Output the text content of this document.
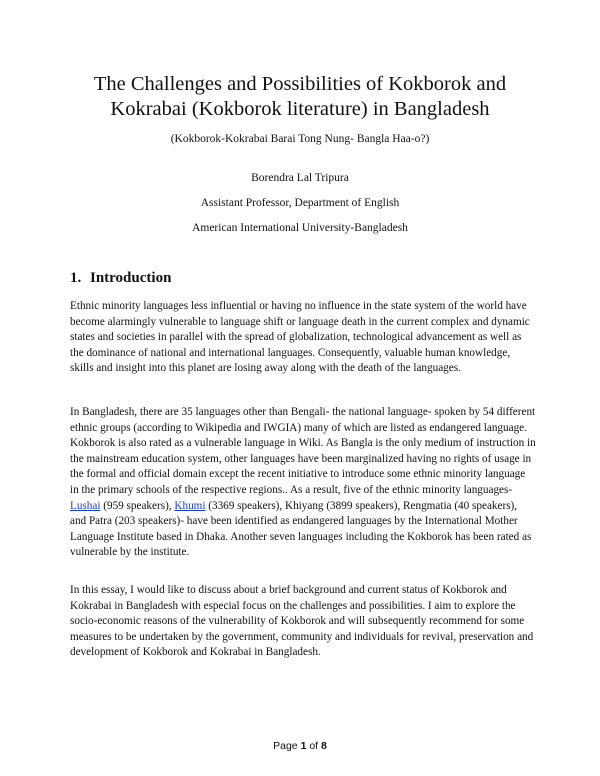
The Challenges and Possibilities of Kokborok and
Kokrabai (Kokborok literature) in Bangladesh
(Kokborok-Kokrabai Barai Tong Nung- Bangla Haa-o?)
Borendra Lal Tripura
Assistant Professor, Department of English
American International University-Bangladesh
1. Introduction

Ethnic minority languages less influential or having no influence in the state system of the world have become alarmingly vulnerable to language shift or language death in the current complex and dynamic states and societies in parallel with the spread of globalization, technological advancement as well as the dominance of national and international languages. Consequently, valuable human knowledge, skills and insight into this planet are losing away along with the death of the languages.

In Bangladesh, there are 35 languages other than Bengali- the national language- spoken by 54 different ethnic groups (according to Wikipedia and IWGIA) many of which are listed as endangered language. Kokborok is also rated as a vulnerable language in Wiki. As Bangla is the only medium of instruction in the mainstream education system, other languages have been marginalized having no rights of usage in the formal and official domain except the recent initiative to introduce some ethnic minority language in the primary schools of the respective regions.. As a result, five of the ethnic minority languages- Lushai (959 speakers), Khumi (3369 speakers), Khiyang (3899 speakers), Rengmatia (40 speakers), and Patra (203 speakers)- have been identified as endangered languages by the International Mother Language Institute based in Dhaka. Another seven languages including the Kokborok has been rated as vulnerable by the institute.

In this essay, I would like to discuss about a brief background and current status of Kokborok and Kokrabai in Bangladesh with especial focus on the challenges and possibilities. I aim to explore the socio-economic reasons of the vulnerability of Kokborok and will subsequently recommend for some measures to be undertaken by the government, community and individuals for revival, preservation and development of Kokborok and Kokrabai in Bangladesh.

Page 1 of 8
